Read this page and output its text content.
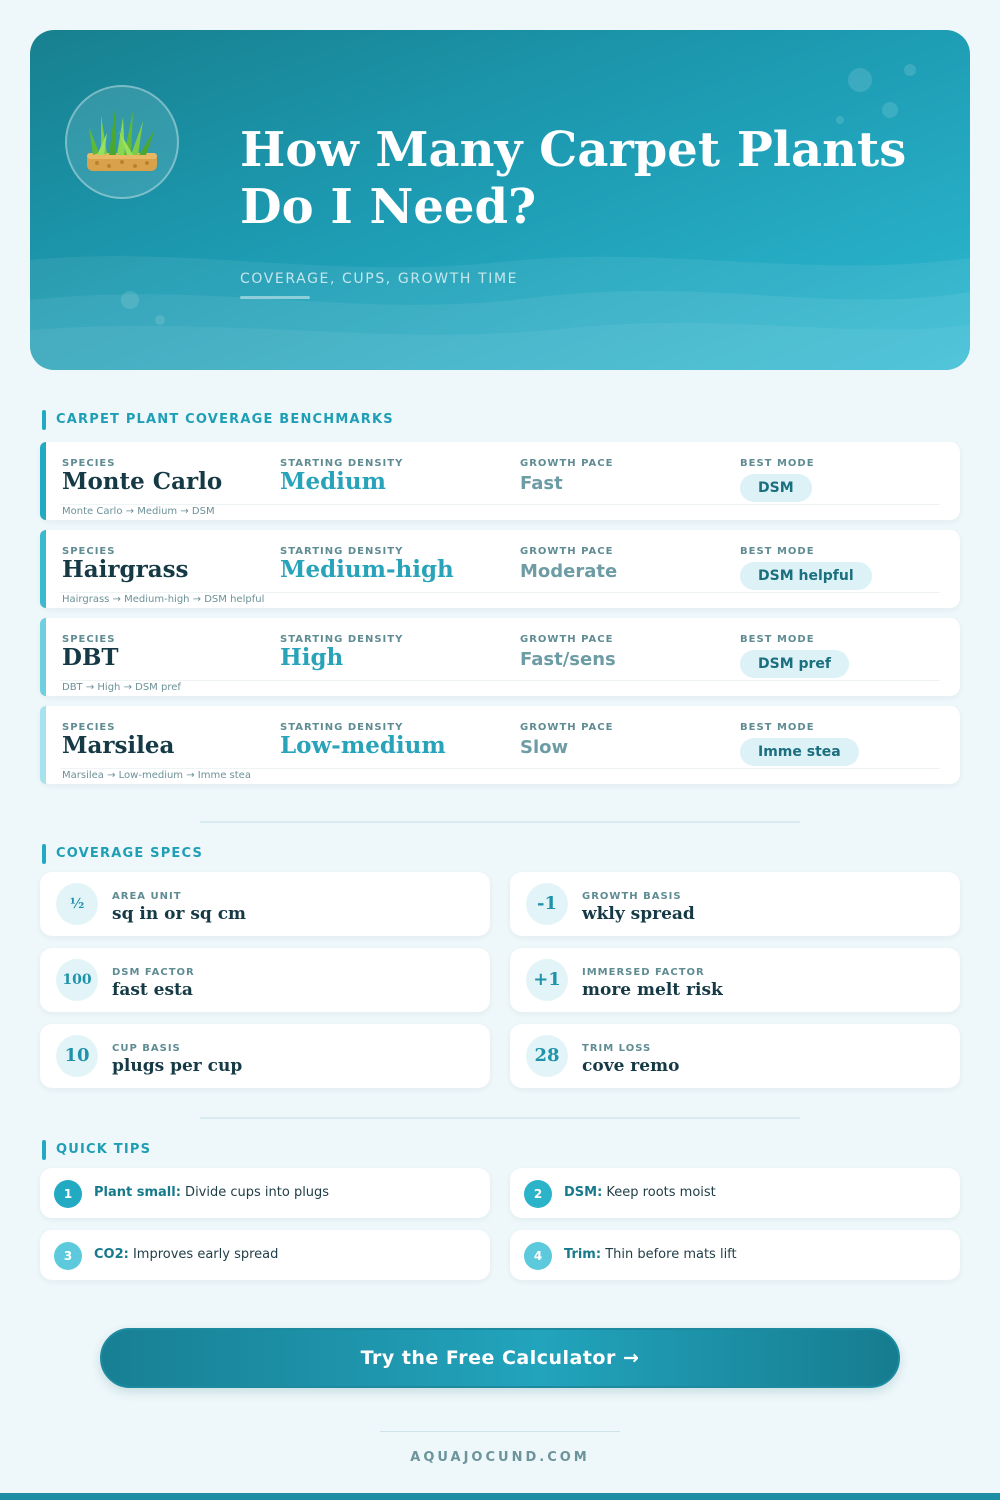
How Many Carpet Plants
Do I Need?
COVERAGE, CUPS, GROWTH TIME
CARPET PLANT COVERAGE BENCHMARKS
SPECIES	STARTING DENSITY	GROWTH PACE	BEST MODE
Monte Carlo	Medium	Fast	DSM
Monte Carlo → Medium → DSM
SPECIES	STARTING DENSITY	GROWTH PACE	BEST MODE
Hairgrass	Medium-high	Moderate	DSM helpful
Hairgrass → Medium-high → DSM helpful
SPECIES	STARTING DENSITY	GROWTH PACE	BEST MODE
DBT	High	Fast/sens	DSM pref
DBT → High → DSM pref
SPECIES	STARTING DENSITY	GROWTH PACE	BEST MODE
Marsilea	Low-medium	Slow	Imme stea
Marsilea → Low-medium → Imme stea
COVERAGE SPECS
½	AREA UNIT
sq in or sq cm	-1	GROWTH BASIS
wkly spread
100	DSM FACTOR
fast esta	+1	IMMERSED FACTOR
more melt risk
10	CUP BASIS
plugs per cup	28	TRIM LOSS
cove remo
QUICK TIPS
1	Plant small: Divide cups into plugs	2	DSM: Keep roots moist
3	CO2: Improves early spread	4	Trim: Thin before mats lift
Try the Free Calculator →
AQUAJOCUND.COM
